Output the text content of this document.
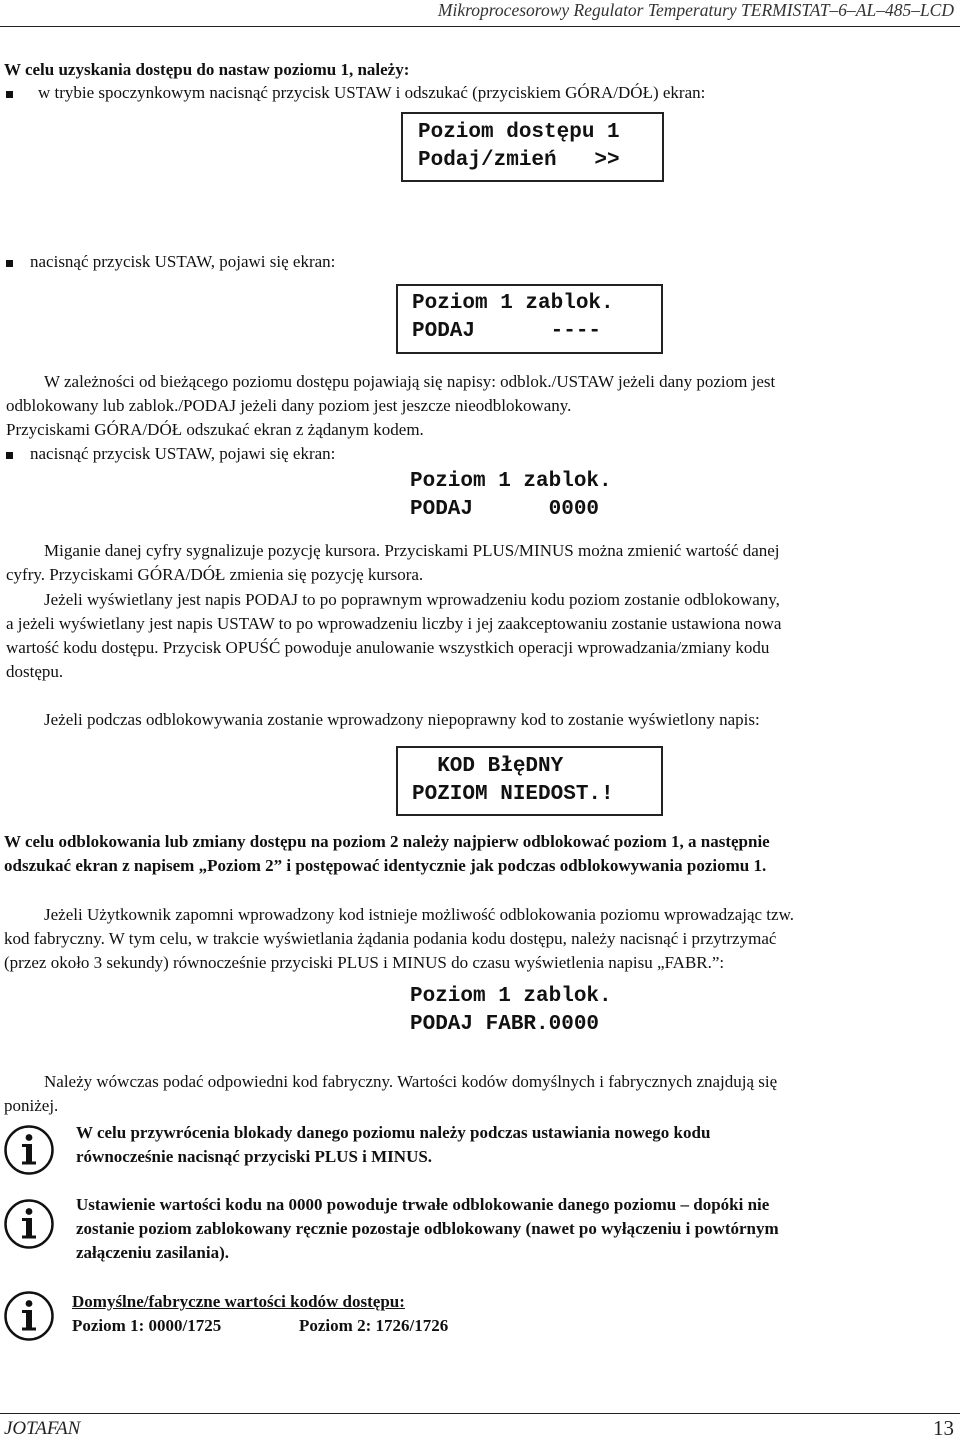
Mikroprocesorowy Regulator Temperatury TERMISTAT–6–AL–485–LCD
W celu uzyskania dostępu do nastaw poziomu 1, należy:
w trybie spoczynkowym nacisnąć przycisk USTAW i odszukać (przyciskiem GÓRA/DÓŁ) ekran:
Poziom dostępu 1
Podaj/zmień   >>
nacisnąć przycisk USTAW, pojawi się ekran:
Poziom 1 zablok.
PODAJ      ----
W zależności od bieżącego poziomu dostępu pojawiają się napisy: odblok./USTAW jeżeli dany poziom jest
odblokowany lub zablok./PODAJ jeżeli dany poziom jest jeszcze nieodblokowany.
Przyciskami GÓRA/DÓŁ odszukać ekran z żądanym kodem.
nacisnąć przycisk USTAW, pojawi się ekran:
Poziom 1 zablok.
PODAJ      0000
Miganie danej cyfry sygnalizuje pozycję kursora. Przyciskami PLUS/MINUS można zmienić wartość danej
cyfry. Przyciskami GÓRA/DÓŁ zmienia się pozycję kursora.
Jeżeli wyświetlany jest napis PODAJ to po poprawnym wprowadzeniu kodu poziom zostanie odblokowany,
a jeżeli wyświetlany jest napis USTAW to po wprowadzeniu liczby i jej zaakceptowaniu zostanie ustawiona nowa
wartość kodu dostępu. Przycisk OPUŚĆ powoduje anulowanie wszystkich operacji wprowadzania/zmiany kodu
dostępu.
Jeżeli podczas odblokowywania zostanie wprowadzony niepoprawny kod to zostanie wyświetlony napis:
KOD BłęDNY
POZIOM NIEDOST.!
W celu odblokowania lub zmiany dostępu na poziom 2 należy najpierw odblokować poziom 1, a następnie
odszukać ekran z napisem „Poziom 2” i postępować identycznie jak podczas odblokowywania poziomu 1.
Jeżeli Użytkownik zapomni wprowadzony kod istnieje możliwość odblokowania poziomu wprowadzając tzw.
kod fabryczny. W tym celu, w trakcie wyświetlania żądania podania kodu dostępu, należy nacisnąć i przytrzymać
(przez około 3 sekundy) równocześnie przyciski PLUS i MINUS do czasu wyświetlenia napisu „FABR.”:
Poziom 1 zablok.
PODAJ FABR.0000
Należy wówczas podać odpowiedni kod fabryczny. Wartości kodów domyślnych i fabrycznych znajdują się
poniżej.
W celu przywrócenia blokady danego poziomu należy podczas ustawiania nowego kodu
równocześnie nacisnąć przyciski PLUS i MINUS.
Ustawienie wartości kodu na 0000 powoduje trwałe odblokowanie danego poziomu – dopóki nie
zostanie poziom zablokowany ręcznie pozostaje odblokowany (nawet po wyłączeniu i powtórnym
załączeniu zasilania).
Domyślne/fabryczne wartości kodów dostępu:
Poziom 1: 0000/1725	Poziom 2: 1726/1726
JOTAFAN	13
